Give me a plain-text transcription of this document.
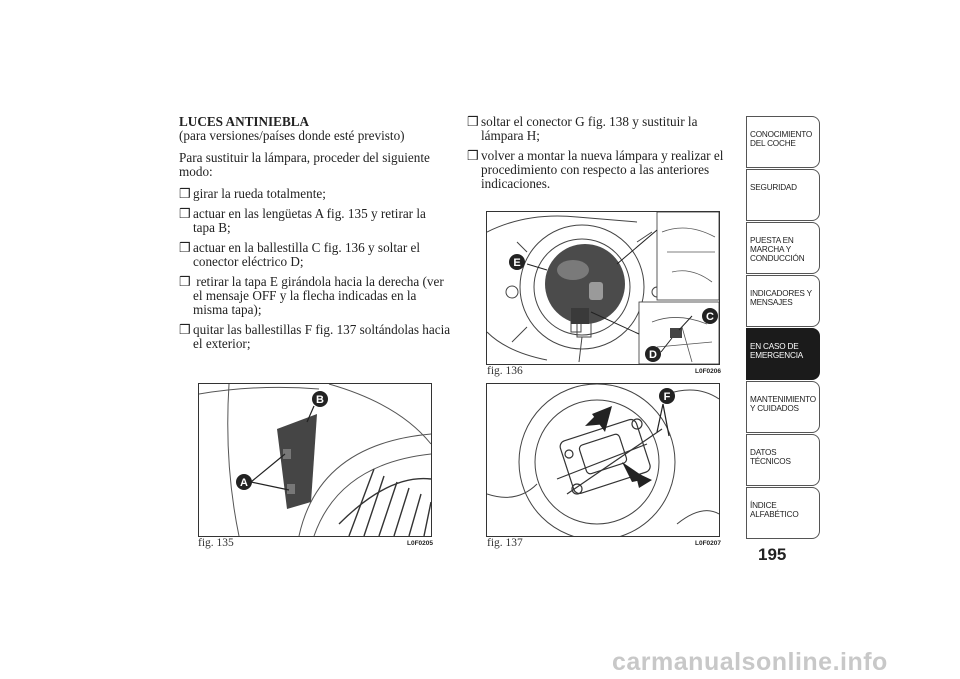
LUCES ANTINIEBLA
(para versiones/países donde esté previsto)

Para sustituir la lámpara, proceder del siguiente modo:

❒ girar la rueda totalmente;

❒ actuar en las lengüetas A fig. 135 y retirar la tapa B;

❒ actuar en la ballestilla C fig. 136 y soltar el conector eléctrico D;

❒ retirar la tapa E girándola hacia la derecha (ver el mensaje OFF y la flecha indicadas en la misma tapa);

❒ quitar las ballestillas F fig. 137 soltándolas hacia el exterior;

❒ soltar el conector G fig. 138 y sustituir la lámpara H;

❒ volver a montar la nueva lámpara y realizar el procedimiento con respecto a las anteriores indicaciones.

E
C
D
fig. 136	L0F0206
A
B
fig. 135	L0F0205
F
fig. 137	L0F0207
CONOCIMIENTO DEL COCHE
SEGURIDAD
PUESTA EN MARCHA Y CONDUCCIÓN
INDICADORES Y MENSAJES
EN CASO DE EMERGENCIA
MANTENIMIENTO Y CUIDADOS
DATOS TÉCNICOS
ÍNDICE ALFABÉTICO
195
carmanualsonline.info
